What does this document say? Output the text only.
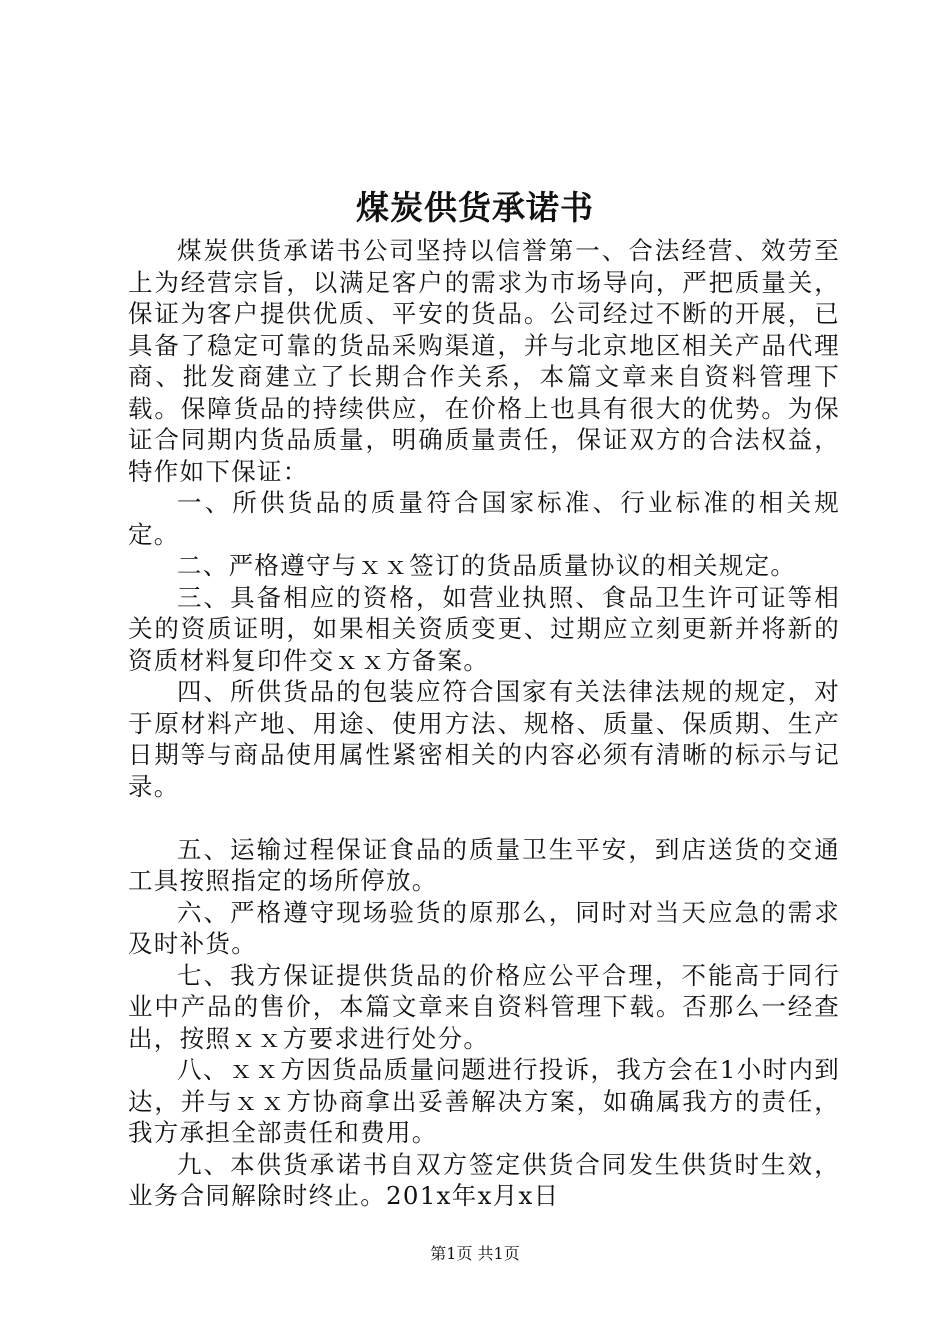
煤炭供货承诺书

煤炭供货承诺书公司坚持以信誉第一、合法经营、效劳至上为经营宗旨，以满足客户的需求为市场导向，严把质量关，保证为客户提供优质、平安的货品。公司经过不断的开展，已具备了稳定可靠的货品采购渠道，并与北京地区相关产品代理商、批发商建立了长期合作关系，本篇文章来自资料管理下载。保障货品的持续供应，在价格上也具有很大的优势。为保证合同期内货品质量，明确质量责任，保证双方的合法权益，特作如下保证：

一、所供货品的质量符合国家标准、行业标准的相关规定。

二、严格遵守与ｘｘ签订的货品质量协议的相关规定。

三、具备相应的资格，如营业执照、食品卫生许可证等相关的资质证明，如果相关资质变更、过期应立刻更新并将新的资质材料复印件交ｘｘ方备案。

四、所供货品的包装应符合国家有关法律法规的规定，对于原材料产地、用途、使用方法、规格、质量、保质期、生产日期等与商品使用属性紧密相关的内容必须有清晰的标示与记录。

五、运输过程保证食品的质量卫生平安，到店送货的交通工具按照指定的场所停放。

六、严格遵守现场验货的原那么，同时对当天应急的需求及时补货。

七、我方保证提供货品的价格应公平合理，不能高于同行业中产品的售价，本篇文章来自资料管理下载。否那么一经查出，按照ｘｘ方要求进行处分。

八、ｘｘ方因货品质量问题进行投诉，我方会在1小时内到达，并与ｘｘ方协商拿出妥善解决方案，如确属我方的责任，我方承担全部责任和费用。

九、本供货承诺书自双方签定供货合同发生供货时生效，业务合同解除时终止。201x年x月x日

第1页 共1页
